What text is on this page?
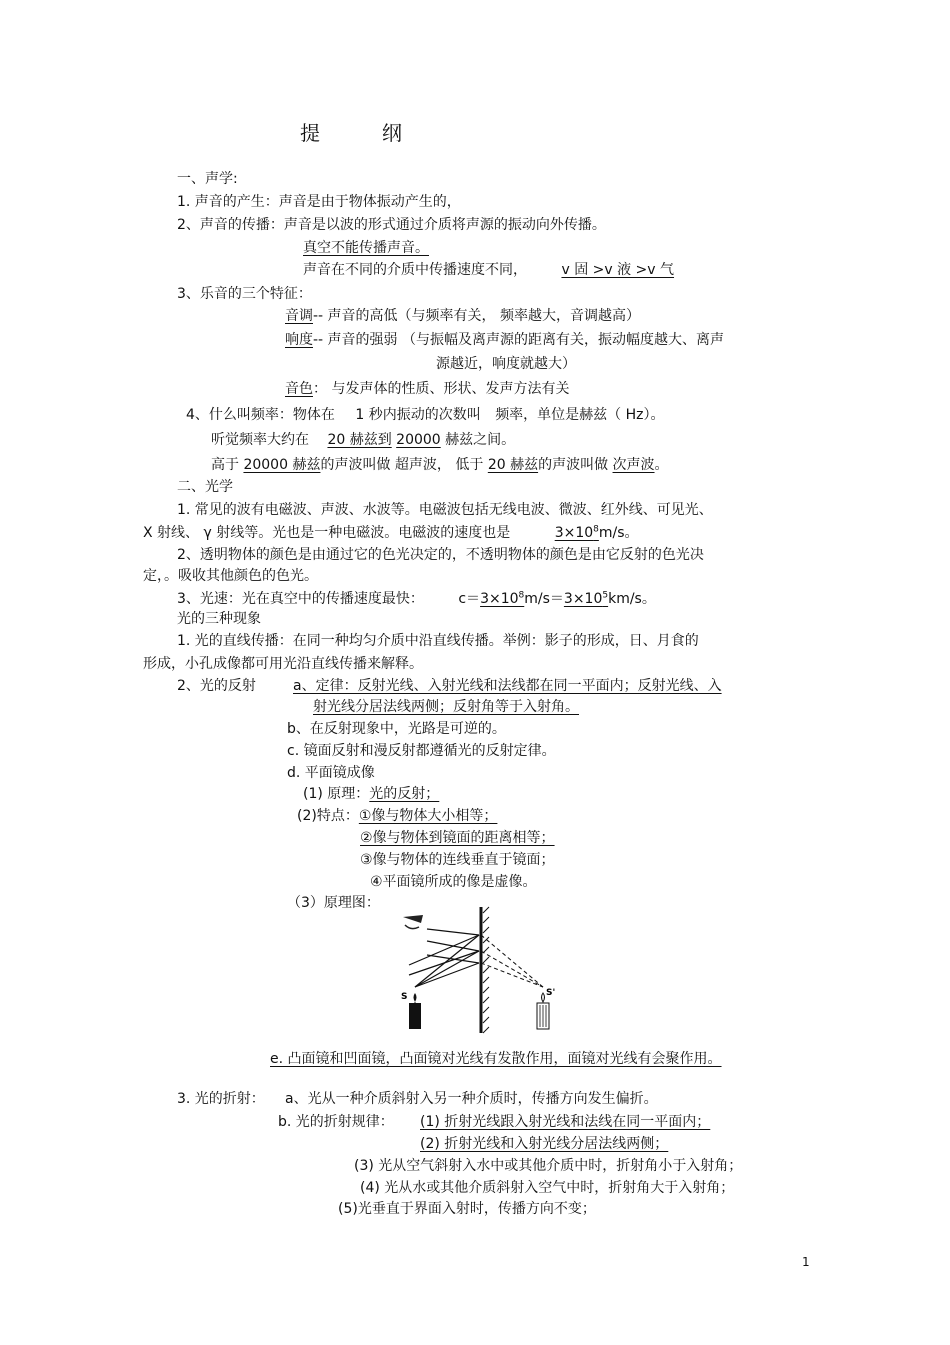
提纲
一、声学:
1. 声音的产生：声音是由于物体振动产生的，
2、声音的传播：声音是以波的形式通过介质将声源的振动向外传播。
真空不能传播声音。
声音在不同的介质中传播速度不同， v 固 >v 液 >v 气
3、乐音的三个特征：
音调-- 声音的高低（与频率有关， 频率越大，音调越高）
响度-- 声音的强弱 （与振幅及离声源的距离有关，振动幅度越大、离声
源越近，响度就越大）
音色： 与发声体的性质、形状、发声方法有关
4、什么叫频率：物体在 1 秒内振动的次数叫 频率，单位是赫兹（ Hz）。
听觉频率大约在 20 赫兹到 20000 赫兹之间。
高于 20000 赫兹的声波叫做 超声波， 低于 20 赫兹的声波叫做 次声波。
二、光学
1. 常见的波有电磁波、声波、水波等。电磁波包括无线电波、微波、红外线、可见光、
X 射线、 γ 射线等。光也是一种电磁波。电磁波的速度也是	$3\times 10^8m/s$。
2、透明物体的颜色是由通过它的色光决定的，不透明物体的颜色是由它反射的色光决
定，。吸收其他颜色的色光。
3、光速：光在真空中的传播速度最快： $c=3\times 10^8m/s=3\times 10^5km/s$。
光的三种现象
1. 光的直线传播：在同一种均匀介质中沿直线传播。举例：影子的形成，日、月食的
形成，小孔成像都可用光沿直线传播来解释。
2、光的反射	a、定律：反射光线、入射光线和法线都在同一平面内；反射光线、入
射光线分居法线两侧；反射角等于入射角。
b、在反射现象中，光路是可逆的。
c. 镜面反射和漫反射都遵循光的反射定律。
d. 平面镜成像
(1) 原理：光的反射；
(2)特点：①像与物体大小相等；
②像与物体到镜面的距离相等；
③像与物体的连线垂直于镜面；
④平面镜所成的像是虚像。
（3）原理图：
S	S'
e. 凸面镜和凹面镜，凸面镜对光线有发散作用，面镜对光线有会聚作用。
3. 光的折射： a、光从一种介质斜射入另一种介质时，传播方向发生偏折。
b. 光的折射规律： (1) 折射光线跟入射光线和法线在同一平面内；
(2) 折射光线和入射光线分居法线两侧；
(3) 光从空气斜射入水中或其他介质中时，折射角小于入射角；
(4) 光从水或其他介质斜射入空气中时，折射角大于入射角；
(5)光垂直于界面入射时，传播方向不变；
1
